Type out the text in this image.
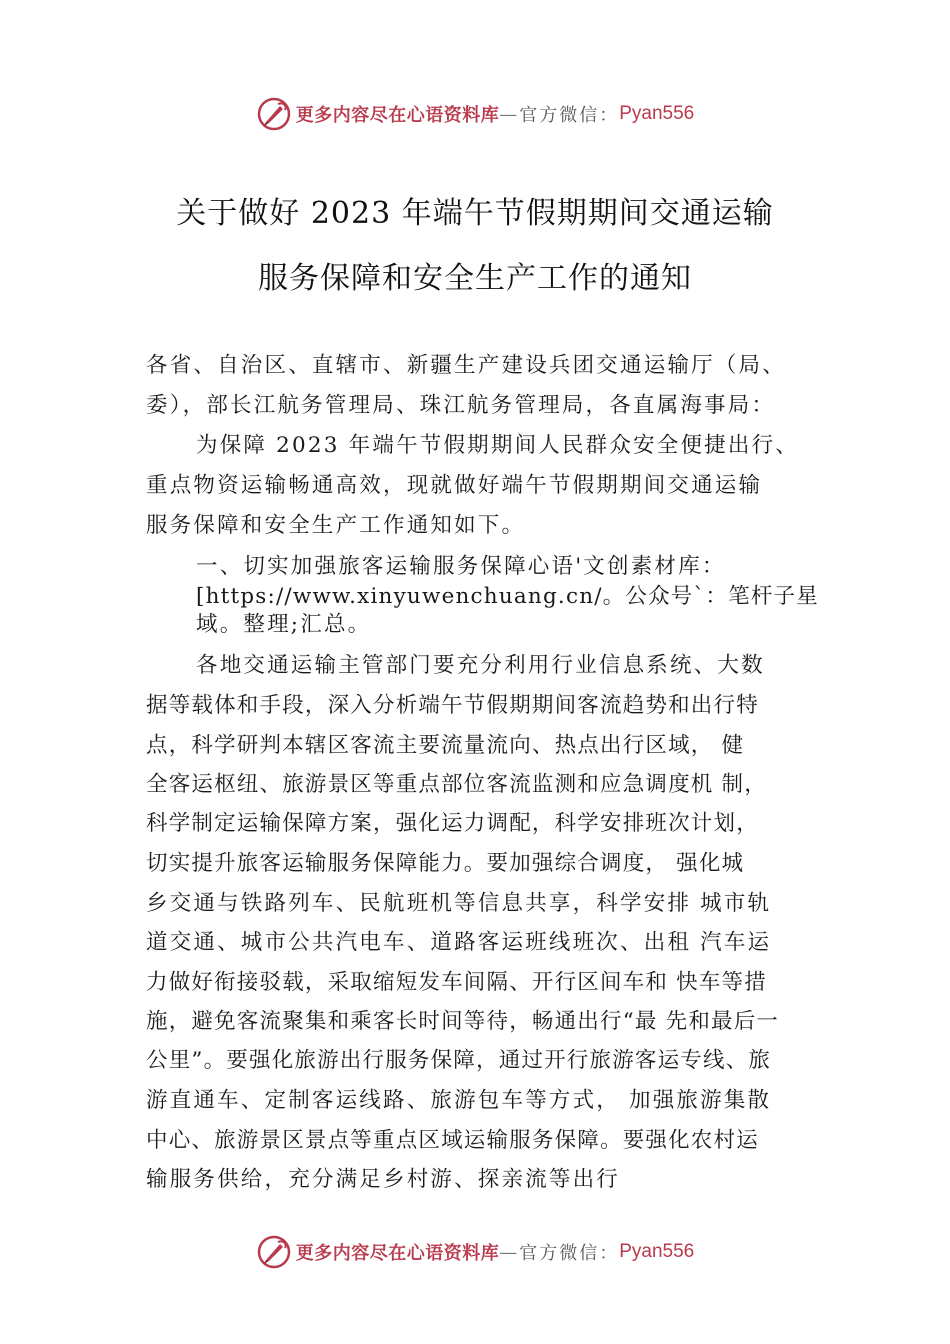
更多内容尽在心语资料库 — 官方微信： Pyan556
关于做好 2023 年端午节假期期间交通运输
服务保障和安全生产工作的通知
各省、自治区、直辖市、新疆生产建设兵团交通运输厅（局、
委），部长江航务管理局、珠江航务管理局，各直属海事局：
为保障 2023 年端午节假期期间人民群众安全便捷出行、
重点物资运输畅通高效，现就做好端午节假期期间交通运输
服务保障和安全生产工作通知如下。
一、切实加强旅客运输服务保障心语'文创素材库：
[https://www.xinyuwenchuang.cn/。公众号`：笔杆子星
域。整理;汇总。
各地交通运输主管部门要充分利用行业信息系统、大数
据等载体和手段，深入分析端午节假期期间客流趋势和出行特
点，科学研判本辖区客流主要流量流向、热点出行区域， 健
全客运枢纽、旅游景区等重点部位客流监测和应急调度机 制，
科学制定运输保障方案，强化运力调配，科学安排班次计划，
切实提升旅客运输服务保障能力。要加强综合调度， 强化城
乡交通与铁路列车、民航班机等信息共享，科学安排 城市轨
道交通、城市公共汽电车、道路客运班线班次、出租 汽车运
力做好衔接驳载，采取缩短发车间隔、开行区间车和 快车等措
施，避免客流聚集和乘客长时间等待，畅通出行“最 先和最后一
公里”。要强化旅游出行服务保障，通过开行旅游客运专线、旅
游直通车、定制客运线路、旅游包车等方式， 加强旅游集散
中心、旅游景区景点等重点区域运输服务保障。要强化农村运
输服务供给，充分满足乡村游、探亲流等出行
更多内容尽在心语资料库 — 官方微信： Pyan556
